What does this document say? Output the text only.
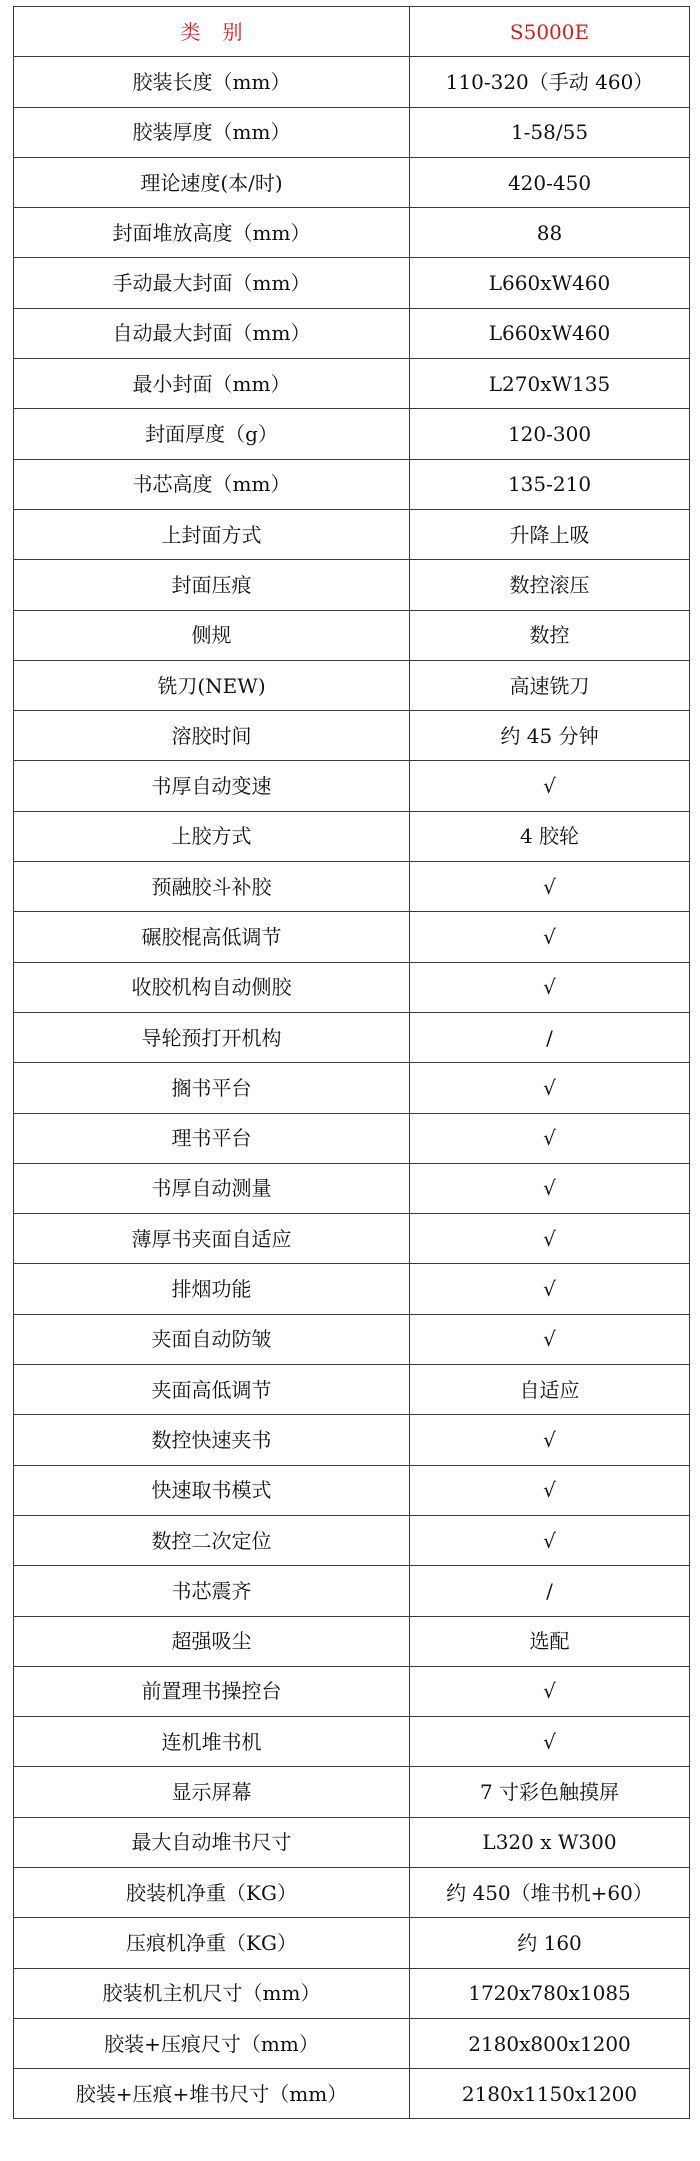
类别	S5000E
胶装长度（mm）	110-320（手动 460）
胶装厚度（mm）	1-58/55
理论速度(本/时)	420-450
封面堆放高度（mm）	88
手动最大封面（mm）	L660xW460
自动最大封面（mm）	L660xW460
最小封面（mm）	L270xW135
封面厚度（g）	120-300
书芯高度（mm）	135-210
上封面方式	升降上吸
封面压痕	数控滚压
侧规	数控
铣刀(NEW)	高速铣刀
溶胶时间	约 45 分钟
书厚自动变速	√
上胶方式	4 胶轮
预融胶斗补胶	√
碾胶棍高低调节	√
收胶机构自动侧胶	√
导轮预打开机构	/
搁书平台	√
理书平台	√
书厚自动测量	√
薄厚书夹面自适应	√
排烟功能	√
夹面自动防皱	√
夹面高低调节	自适应
数控快速夹书	√
快速取书模式	√
数控二次定位	√
书芯震齐	/
超强吸尘	选配
前置理书操控台	√
连机堆书机	√
显示屏幕	7 寸彩色触摸屏
最大自动堆书尺寸	L320 x W300
胶装机净重（KG）	约 450（堆书机+60）
压痕机净重（KG）	约 160
胶装机主机尺寸（mm）	1720x780x1085
胶装+压痕尺寸（mm）	2180x800x1200
胶装+压痕+堆书尺寸（mm）	2180x1150x1200
